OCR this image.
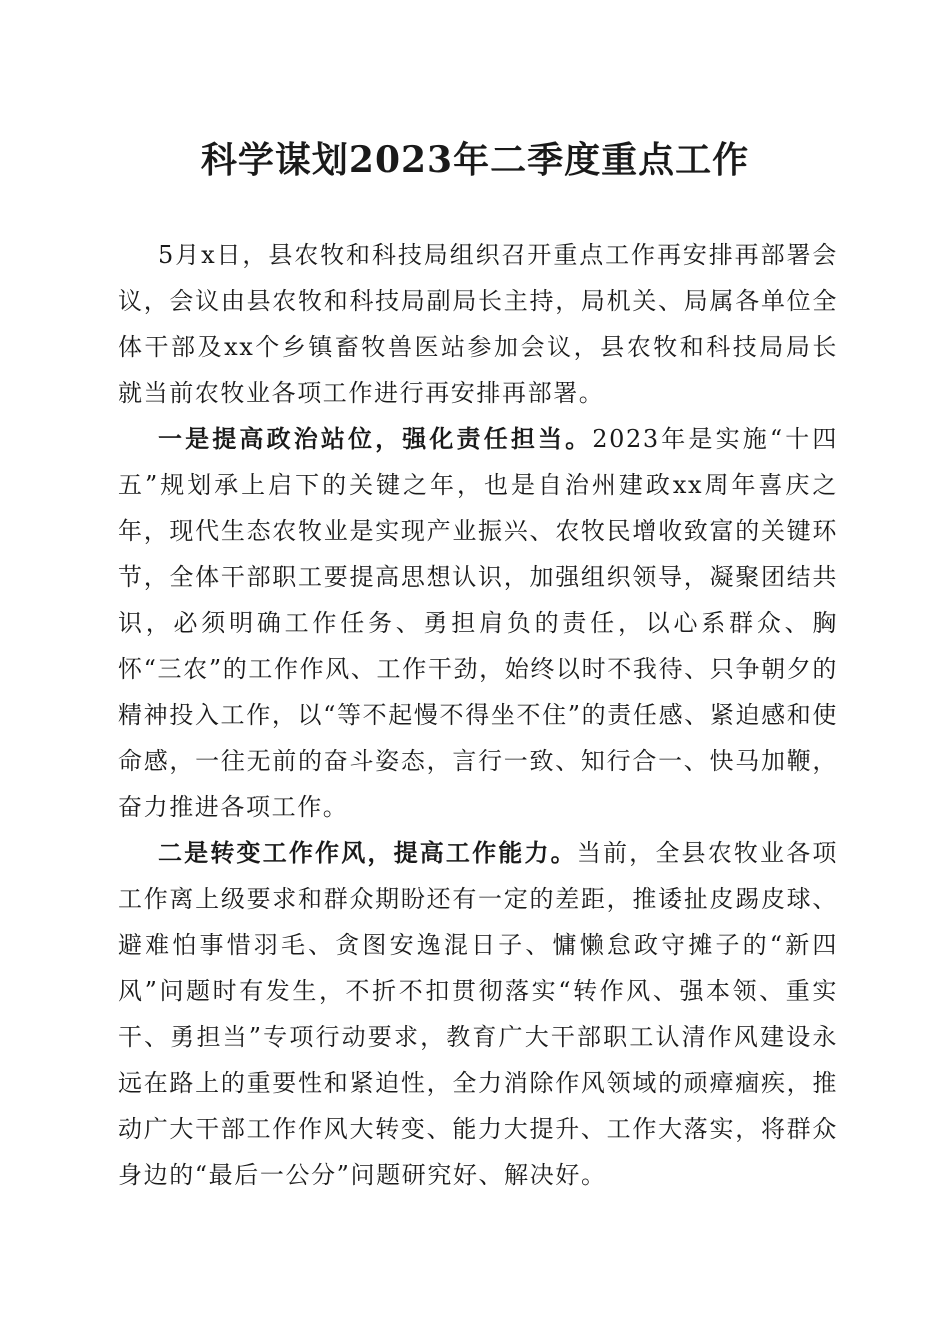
科学谋划2023年二季度重点工作

5月x日，县农牧和科技局组织召开重点工作再安排再部署会议，会议由县农牧和科技局副局长主持，局机关、局属各单位全体干部及xx个乡镇畜牧兽医站参加会议，县农牧和科技局局长就当前农牧业各项工作进行再安排再部署。

一是提高政治站位，强化责任担当。2023年是实施“十四五”规划承上启下的关键之年，也是自治州建政xx周年喜庆之年，现代生态农牧业是实现产业振兴、农牧民增收致富的关键环节，全体干部职工要提高思想认识，加强组织领导，凝聚团结共识，必须明确工作任务、勇担肩负的责任，以心系群众、胸怀“三农”的工作作风、工作干劲，始终以时不我待、只争朝夕的精神投入工作，以“等不起慢不得坐不住”的责任感、紧迫感和使命感，一往无前的奋斗姿态，言行一致、知行合一、快马加鞭，奋力推进各项工作。

二是转变工作作风，提高工作能力。当前，全县农牧业各项工作离上级要求和群众期盼还有一定的差距，推诿扯皮踢皮球、避难怕事惜羽毛、贪图安逸混日子、慵懒怠政守摊子的“新四风”问题时有发生，不折不扣贯彻落实“转作风、强本领、重实干、勇担当”专项行动要求，教育广大干部职工认清作风建设永远在路上的重要性和紧迫性，全力消除作风领域的顽瘴痼疾，推动广大干部工作作风大转变、能力大提升、工作大落实，将群众身边的“最后一公分”问题研究好、解决好。
